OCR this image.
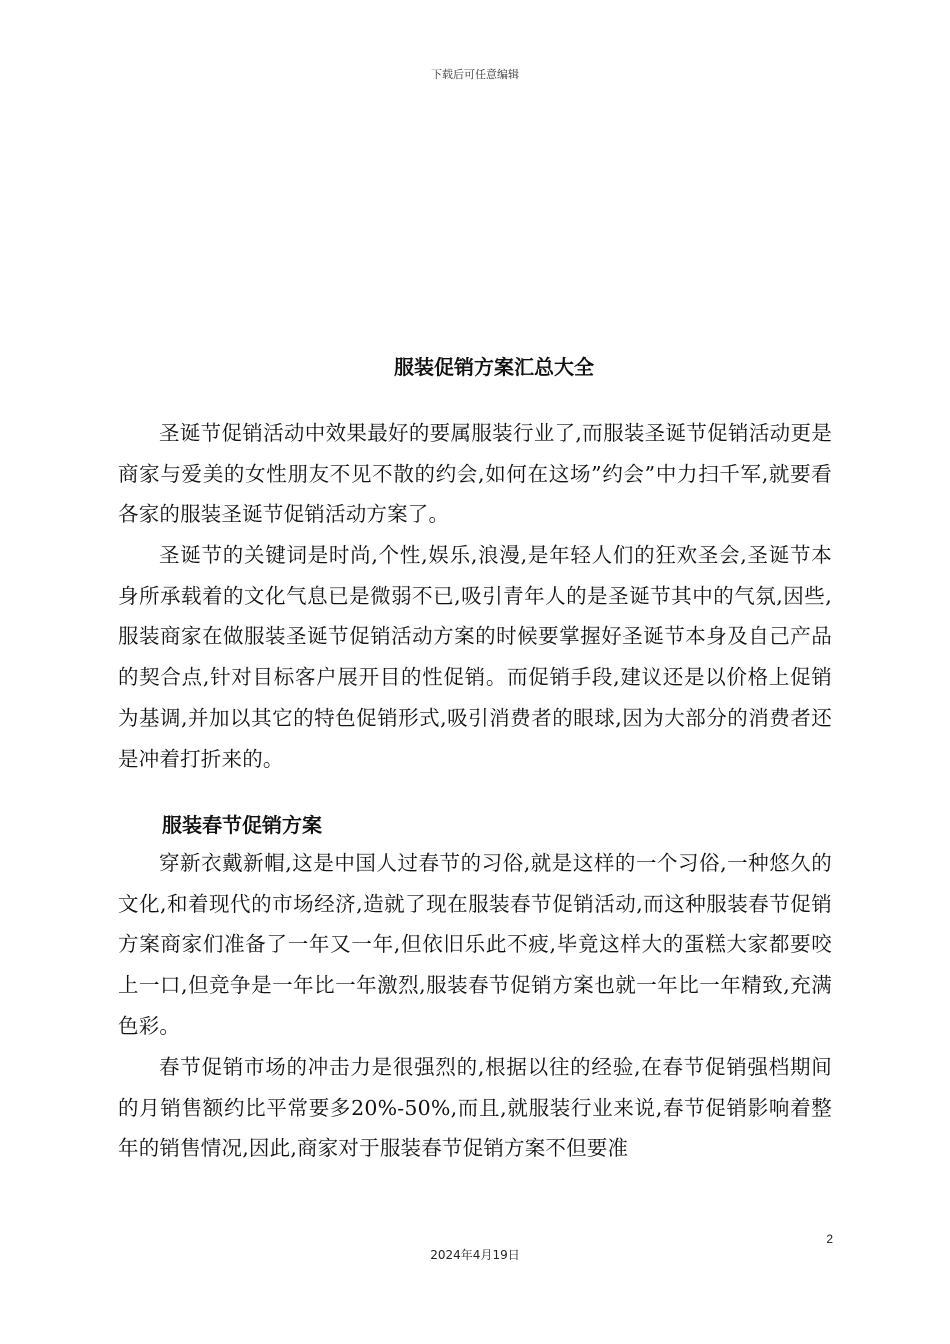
下载后可任意编辑
服装促销方案汇总大全

圣诞节促销活动中效果最好的要属服装行业了,而服装圣诞节促销活动更是商家与爱美的女性朋友不见不散的约会,如何在这场”约会”中力扫千军,就要看各家的服装圣诞节促销活动方案了。

圣诞节的关键词是时尚,个性,娱乐,浪漫,是年轻人们的狂欢圣会,圣诞节本身所承载着的文化气息已是微弱不已,吸引青年人的是圣诞节其中的气氛,因些,服装商家在做服装圣诞节促销活动方案的时候要掌握好圣诞节本身及自己产品的契合点,针对目标客户展开目的性促销。而促销手段,建议还是以价格上促销为基调,并加以其它的特色促销形式,吸引消费者的眼球,因为大部分的消费者还是冲着打折来的。

服装春节促销方案

穿新衣戴新帽,这是中国人过春节的习俗,就是这样的一个习俗,一种悠久的文化,和着现代的市场经济,造就了现在服装春节促销活动,而这种服装春节促销方案商家们准备了一年又一年,但依旧乐此不疲,毕竟这样大的蛋糕大家都要咬上一口,但竞争是一年比一年激烈,服装春节促销方案也就一年比一年精致,充满色彩。

春节促销市场的冲击力是很强烈的,根据以往的经验,在春节促销强档期间的月销售额约比平常要多20%-50%,而且,就服装行业来说,春节促销影响着整年的销售情况,因此,商家对于服装春节促销方案不但要准

2
2024年4月19日
